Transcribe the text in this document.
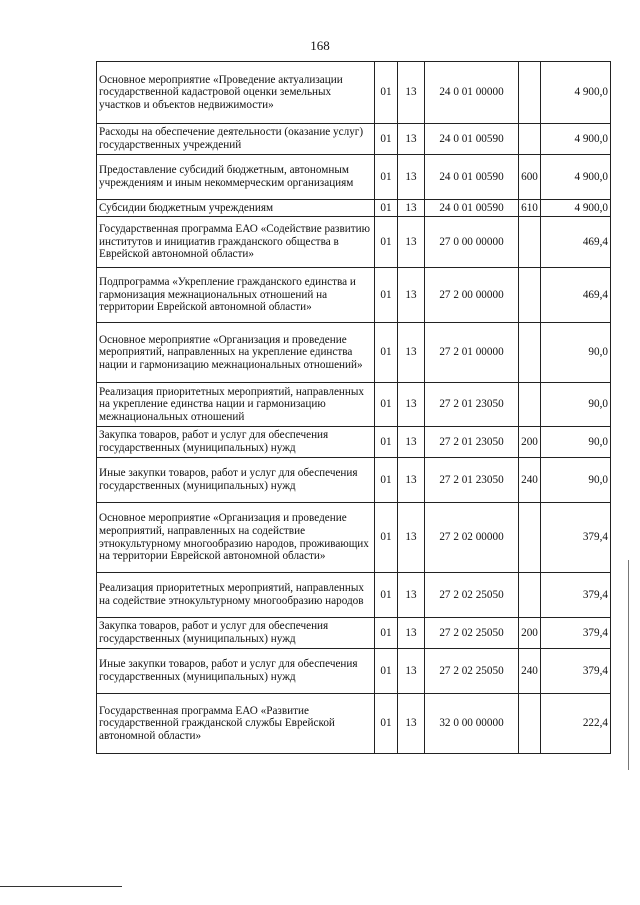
168
Основное мероприятие «Проведение актуализации государственной кадастровой оценки земельных участков и объектов недвижимости»	01	13	24 0 01 00000		4 900,0
Расходы на обеспечение деятельности (оказание услуг) государственных учреждений	01	13	24 0 01 00590		4 900,0
Предоставление субсидий бюджетным, автономным учреждениям и иным некоммерческим организациям	01	13	24 0 01 00590	600	4 900,0
Субсидии бюджетным учреждениям	01	13	24 0 01 00590	610	4 900,0
Государственная программа ЕАО «Содействие развитию институтов и инициатив гражданского общества в Еврейской автономной области»	01	13	27 0 00 00000		469,4
Подпрограмма «Укрепление гражданского единства и гармонизация межнациональных отношений на территории Еврейской автономной области»	01	13	27 2 00 00000		469,4
Основное мероприятие «Организация и проведение мероприятий, направленных на укрепление единства нации и гармонизацию межнациональных отношений»	01	13	27 2 01 00000		90,0
Реализация приоритетных мероприятий, направленных на укрепление единства нации и гармонизацию межнациональных отношений	01	13	27 2 01 23050		90,0
Закупка товаров, работ и услуг для обеспечения государственных (муниципальных) нужд	01	13	27 2 01 23050	200	90,0
Иные закупки товаров, работ и услуг для обеспечения государственных (муниципальных) нужд	01	13	27 2 01 23050	240	90,0
Основное мероприятие «Организация и проведение мероприятий, направленных на содействие этнокультурному многообразию народов, проживающих на территории Еврейской автономной области»	01	13	27 2 02 00000		379,4
Реализация приоритетных мероприятий, направленных на содействие этнокультурному многообразию народов	01	13	27 2 02 25050		379,4
Закупка товаров, работ и услуг для обеспечения государственных (муниципальных) нужд	01	13	27 2 02 25050	200	379,4
Иные закупки товаров, работ и услуг для обеспечения государственных (муниципальных) нужд	01	13	27 2 02 25050	240	379,4
Государственная программа ЕАО «Развитие государственной гражданской службы Еврейской автономной области»	01	13	32 0 00 00000		222,4
